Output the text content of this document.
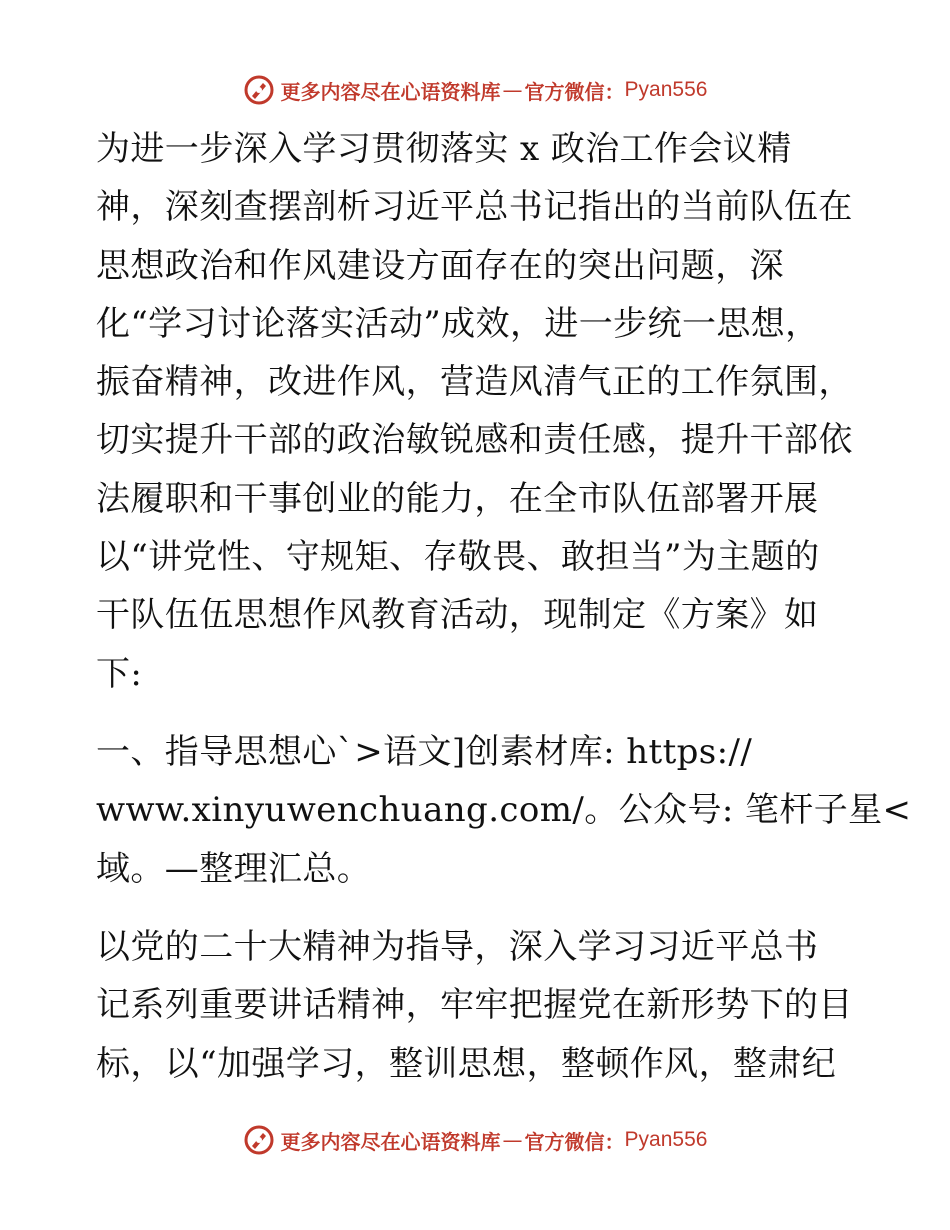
更多内容尽在心语资料库 — 官方微信： Pyan556
为进一步深入学习贯彻落实 x 政治工作会议精
神，深刻查摆剖析习近平总书记指出的当前队伍在
思想政治和作风建设方面存在的突出问题，深
化“学习讨论落实活动”成效，进一步统一思想，
振奋精神，改进作风，营造风清气正的工作氛围，
切实提升干部的政治敏锐感和责任感，提升干部依
法履职和干事创业的能力，在全市队伍部署开展
以“讲党性、守规矩、存敬畏、敢担当”为主题的
干队伍伍思想作风教育活动，现制定《方案》如
下:
一、指导思想心`>语文]创素材库: https://
www.xinyuwenchuang.com/。公众号: 笔杆子星<
域。—整理汇总。
以党的二十大精神为指导，深入学习习近平总书
记系列重要讲话精神，牢牢把握党在新形势下的目
标，以“加强学习，整训思想，整顿作风，整肃纪
更多内容尽在心语资料库 — 官方微信： Pyan556
